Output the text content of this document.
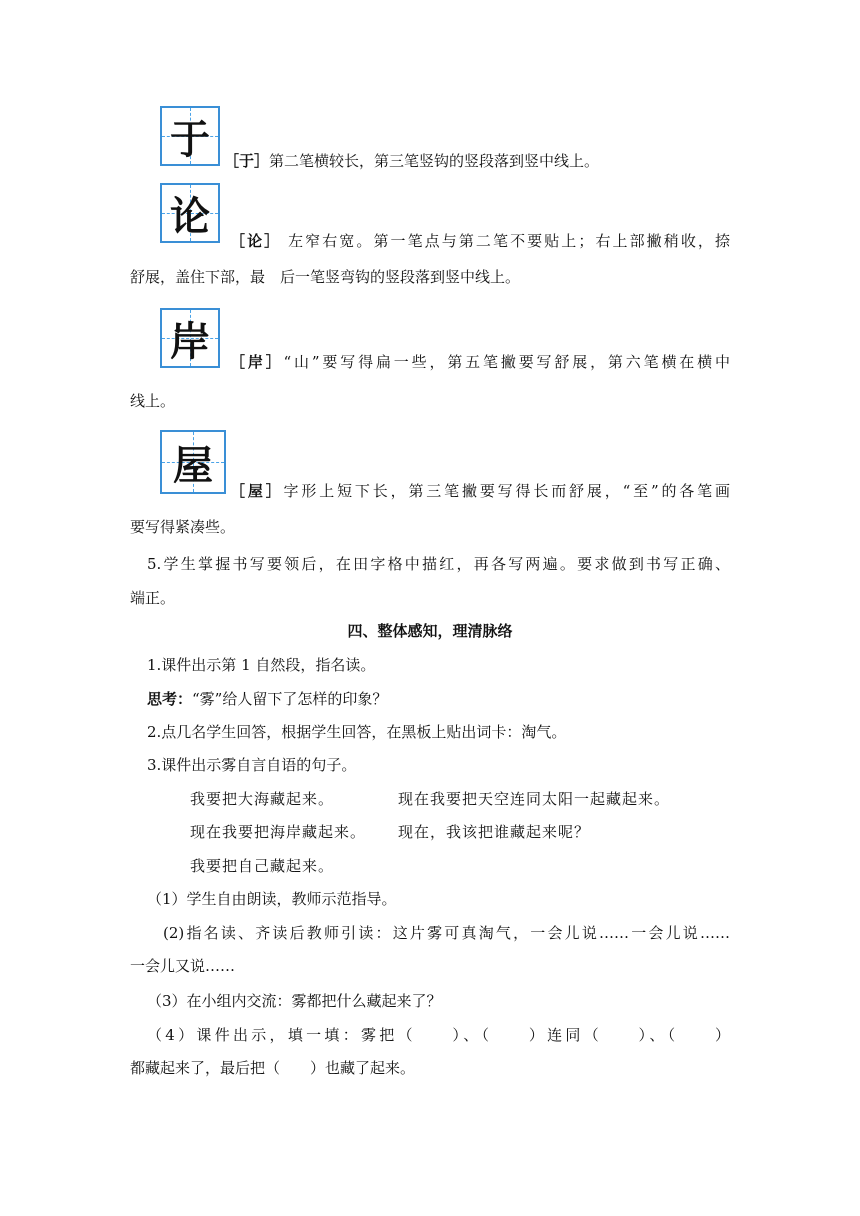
于 ［于］第二笔横较长，第三笔竖钩的竖段落到竖中线上。
论
［论］ 左窄右宽。第一笔点与第二笔不要贴上；右上部撇稍收，捺
舒展，盖住下部，最　后一笔竖弯钩的竖段落到竖中线上。
岸	［岸］“山”要写得扁一些，第五笔撇要写舒展，第六笔横在横中
线上。
屋
［屋］字形上短下长，第三笔撇要写得长而舒展，“至”的各笔画
要写得紧凑些。
5.学生掌握书写要领后，在田字格中描红，再各写两遍。要求做到书写正确、
端正。
四、整体感知，理清脉络
1.课件出示第 1 自然段，指名读。
思考：“雾”给人留下了怎样的印象？
2.点几名学生回答，根据学生回答，在黑板上贴出词卡：淘气。
3.课件出示雾自言自语的句子。
我要把大海藏起来。	现在我要把天空连同太阳一起藏起来。
现在我要把海岸藏起来。 现在，我该把谁藏起来呢？
我要把自己藏起来。
（1）学生自由朗读，教师示范指导。
(2)指名读、齐读后教师引读：这片雾可真淘气，一会儿说……一会儿说……
一会儿又说……
（3）在小组内交流：雾都把什么藏起来了？
（4）课件出示，填一填：雾把（　　）、（　　）连同（　　）、（　　）
都藏起来了，最后把（　　）也藏了起来。
